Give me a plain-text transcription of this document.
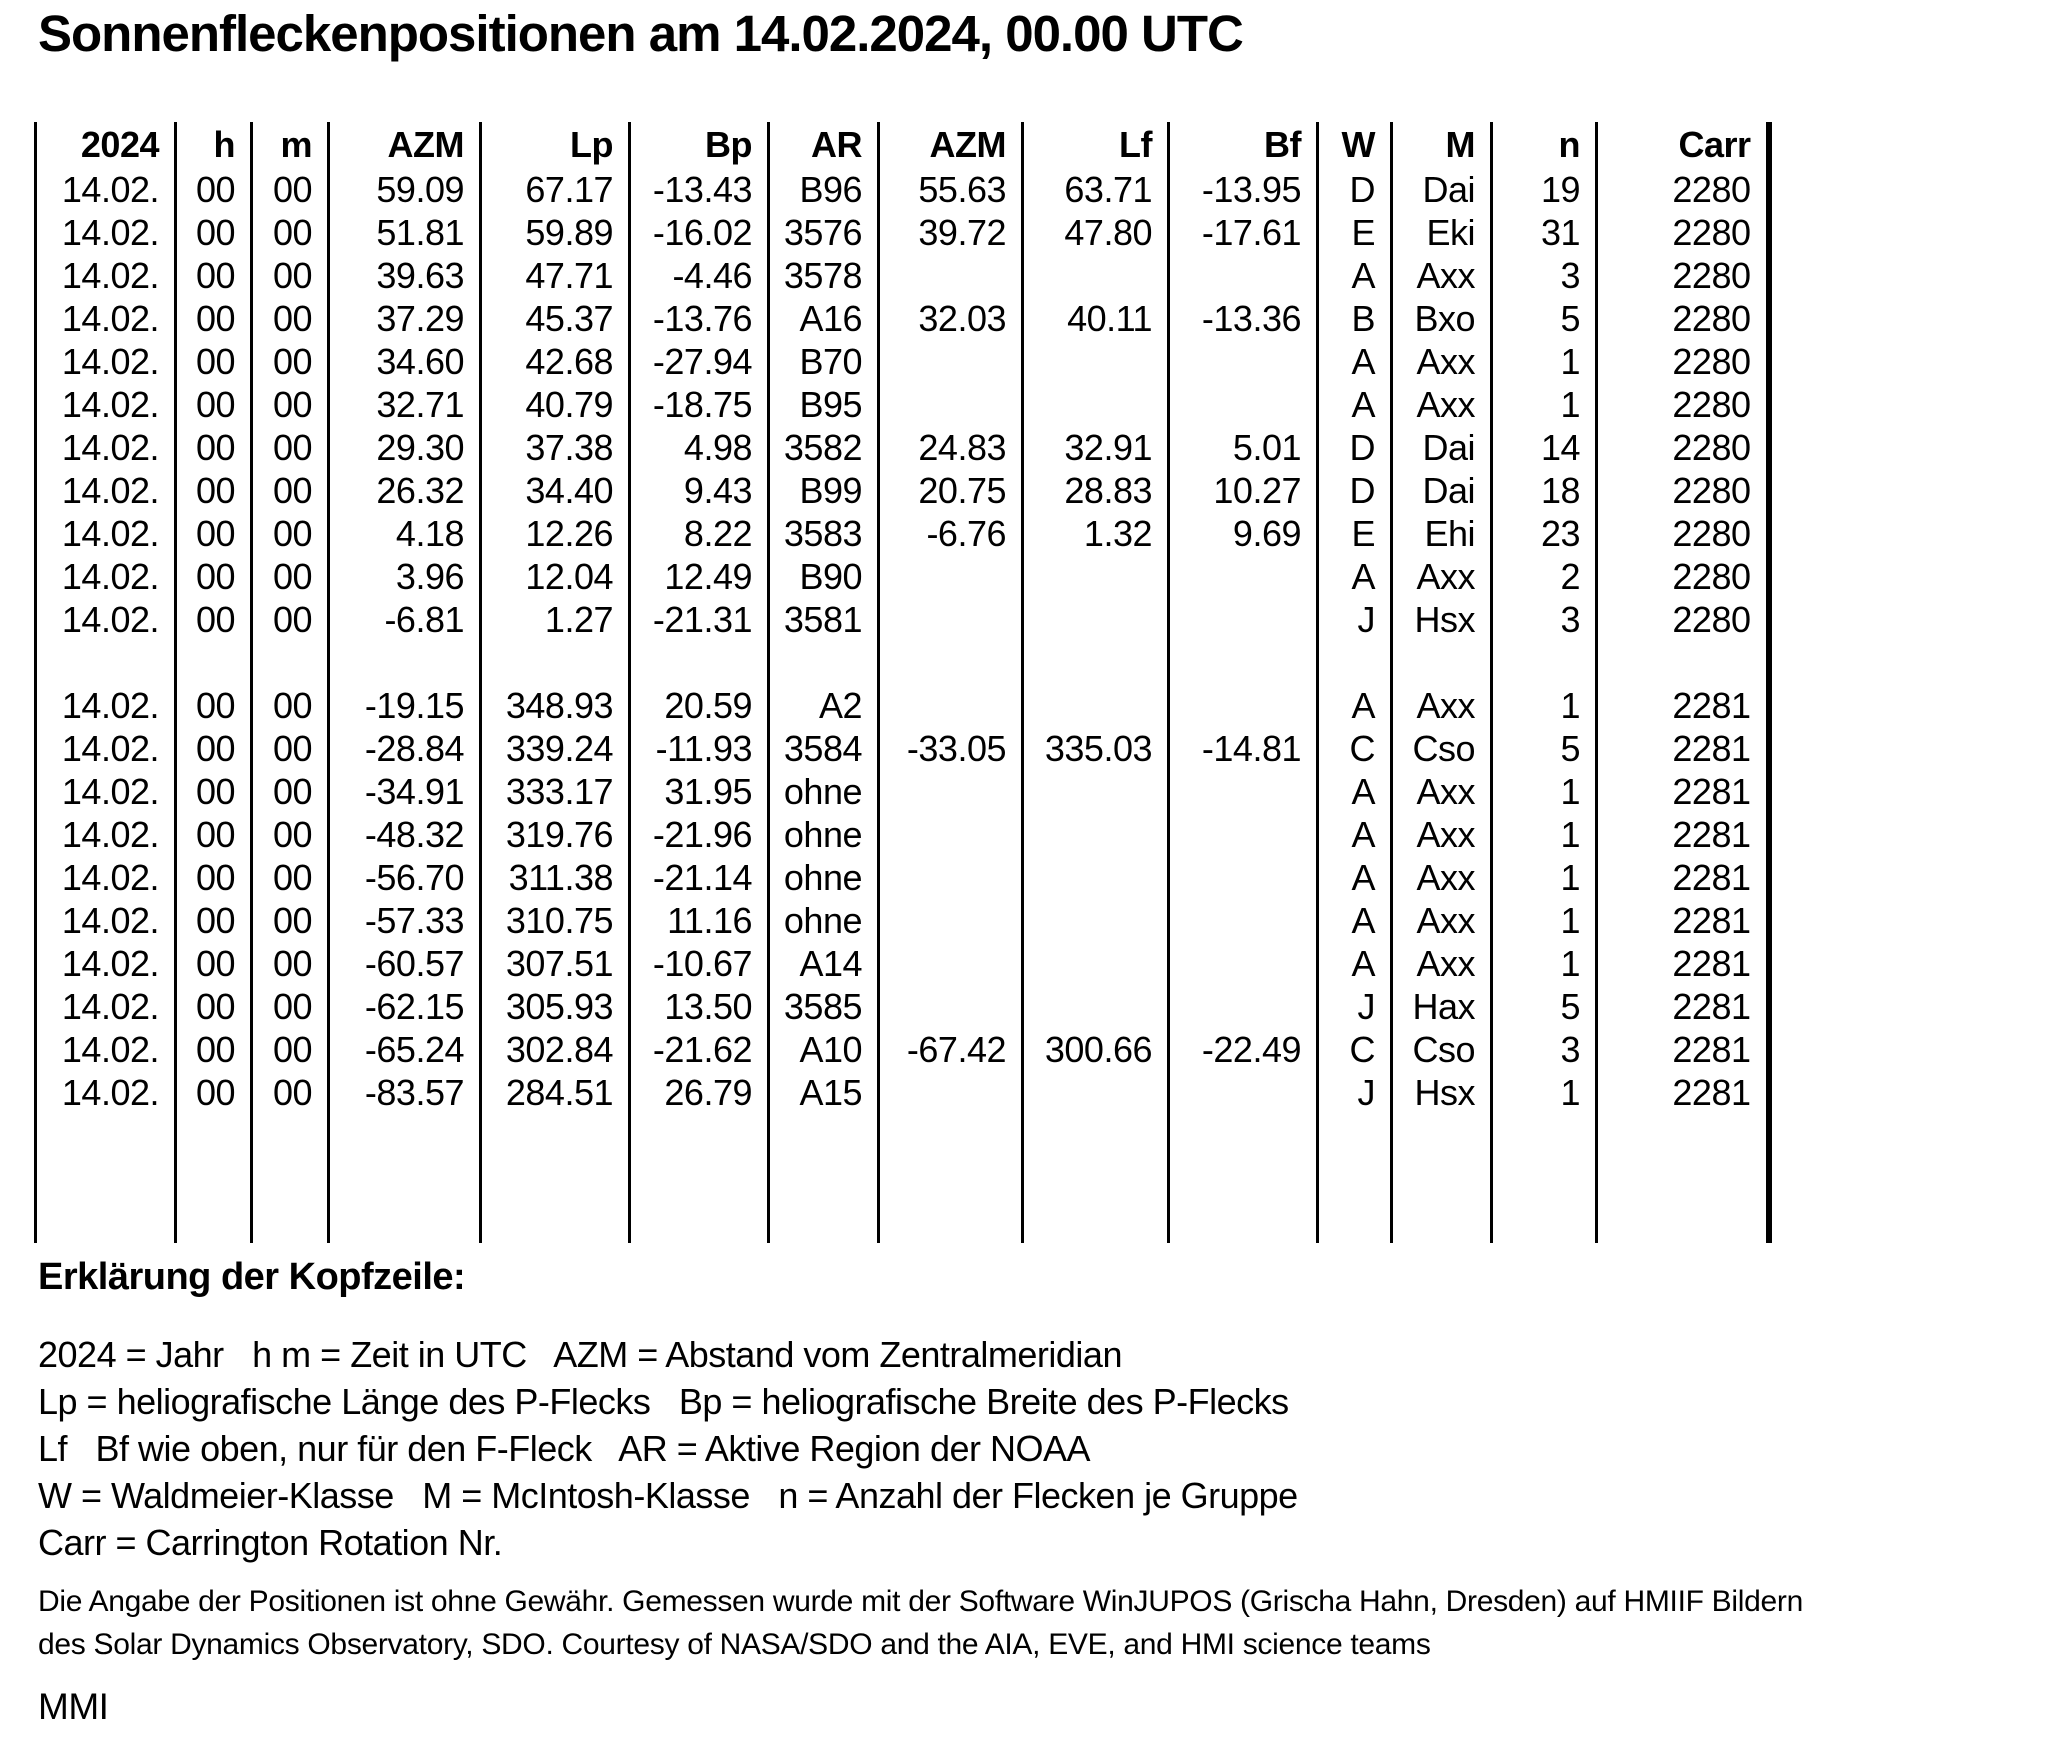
Sonnenfleckenpositionen am 14.02.2024, 00.00 UTC
2024	h	m	AZM	Lp	Bp	AR	AZM	Lf	Bf	W	M	n	Carr
14.02.	00	00	59.09	67.17	-13.43	B96	55.63	63.71	-13.95	D	Dai	19	2280
14.02.	00	00	51.81	59.89	-16.02	3576	39.72	47.80	-17.61	E	Eki	31	2280
14.02.	00	00	39.63	47.71	-4.46	3578				A	Axx	3	2280
14.02.	00	00	37.29	45.37	-13.76	A16	32.03	40.11	-13.36	B	Bxo	5	2280
14.02.	00	00	34.60	42.68	-27.94	B70				A	Axx	1	2280
14.02.	00	00	32.71	40.79	-18.75	B95				A	Axx	1	2280
14.02.	00	00	29.30	37.38	4.98	3582	24.83	32.91	5.01	D	Dai	14	2280
14.02.	00	00	26.32	34.40	9.43	B99	20.75	28.83	10.27	D	Dai	18	2280
14.02.	00	00	4.18	12.26	8.22	3583	-6.76	1.32	9.69	E	Ehi	23	2280
14.02.	00	00	3.96	12.04	12.49	B90				A	Axx	2	2280
14.02.	00	00	-6.81	1.27	-21.31	3581				J	Hsx	3	2280

14.02.	00	00	-19.15	348.93	20.59	A2				A	Axx	1	2281
14.02.	00	00	-28.84	339.24	-11.93	3584	-33.05	335.03	-14.81	C	Cso	5	2281
14.02.	00	00	-34.91	333.17	31.95	ohne				A	Axx	1	2281
14.02.	00	00	-48.32	319.76	-21.96	ohne				A	Axx	1	2281
14.02.	00	00	-56.70	311.38	-21.14	ohne				A	Axx	1	2281
14.02.	00	00	-57.33	310.75	11.16	ohne				A	Axx	1	2281
14.02.	00	00	-60.57	307.51	-10.67	A14				A	Axx	1	2281
14.02.	00	00	-62.15	305.93	13.50	3585				J	Hax	5	2281
14.02.	00	00	-65.24	302.84	-21.62	A10	-67.42	300.66	-22.49	C	Cso	3	2281
14.02.	00	00	-83.57	284.51	26.79	A15				J	Hsx	1	2281

Erklärung der Kopfzeile:

2024 = Jahr   h m = Zeit in UTC   AZM = Abstand vom Zentralmeridian

Lp = heliografische Länge des P-Flecks   Bp = heliografische Breite des P-Flecks

Lf   Bf wie oben, nur für den F-Fleck   AR = Aktive Region der NOAA

W = Waldmeier-Klasse   M = McIntosh-Klasse   n = Anzahl der Flecken je Gruppe

Carr = Carrington Rotation Nr.

Die Angabe der Positionen ist ohne Gewähr. Gemessen wurde mit der Software WinJUPOS (Grischa Hahn, Dresden) auf HMIIF Bildern

des Solar Dynamics Observatory, SDO. Courtesy of NASA/SDO and the AIA, EVE, and HMI science teams

MMI
